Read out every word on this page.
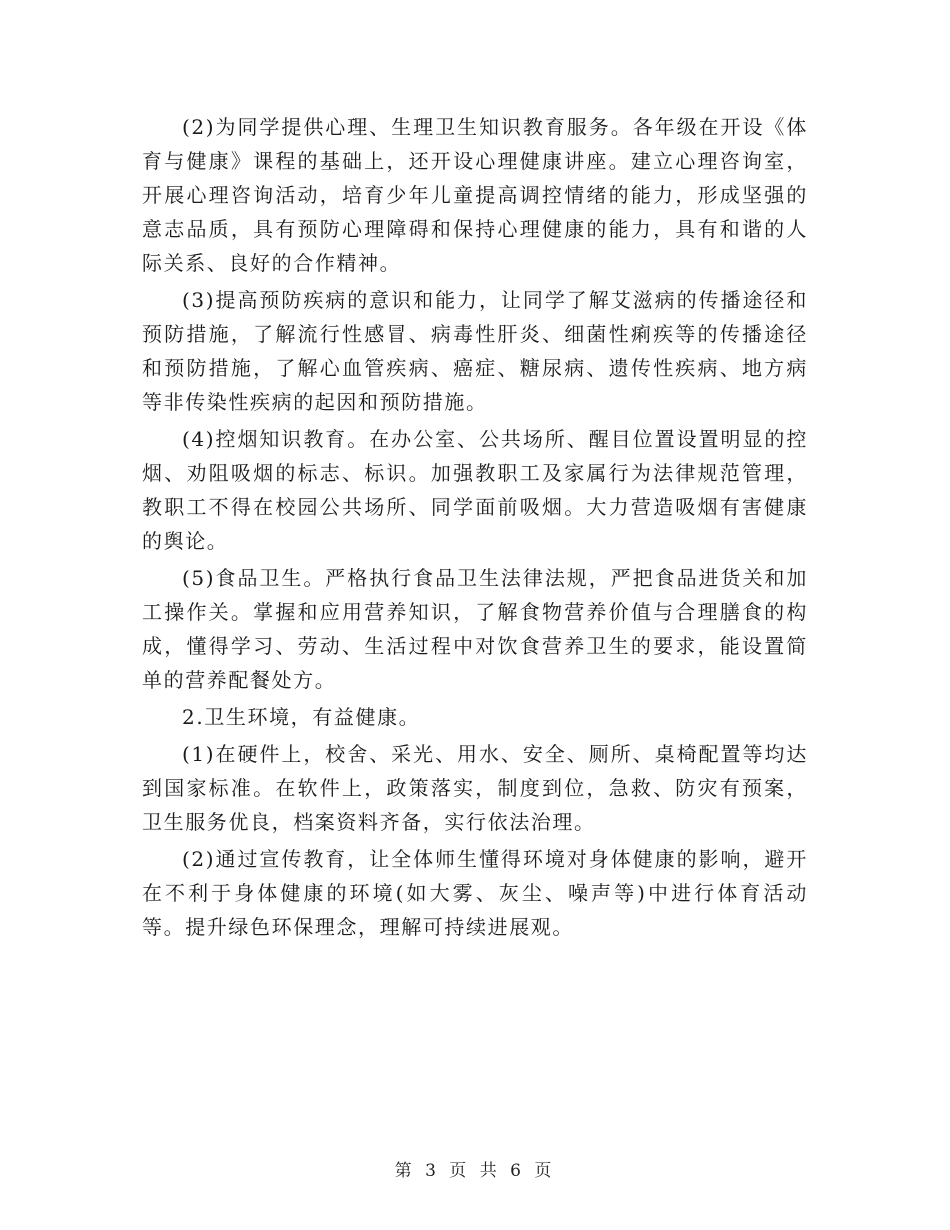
(2)为同学提供心理、生理卫生知识教育服务。各年级在开设《体育与健康》课程的基础上，还开设心理健康讲座。建立心理咨询室，开展心理咨询活动，培育少年儿童提高调控情绪的能力，形成坚强的意志品质，具有预防心理障碍和保持心理健康的能力，具有和谐的人际关系、良好的合作精神。

(3)提高预防疾病的意识和能力，让同学了解艾滋病的传播途径和预防措施，了解流行性感冒、病毒性肝炎、细菌性痢疾等的传播途径和预防措施，了解心血管疾病、癌症、糖尿病、遗传性疾病、地方病等非传染性疾病的起因和预防措施。

(4)控烟知识教育。在办公室、公共场所、醒目位置设置明显的控烟、劝阻吸烟的标志、标识。加强教职工及家属行为法律规范管理，教职工不得在校园公共场所、同学面前吸烟。大力营造吸烟有害健康的舆论。

(5)食品卫生。严格执行食品卫生法律法规，严把食品进货关和加工操作关。掌握和应用营养知识，了解食物营养价值与合理膳食的构成，懂得学习、劳动、生活过程中对饮食营养卫生的要求，能设置简单的营养配餐处方。

2.卫生环境，有益健康。

(1)在硬件上，校舍、采光、用水、安全、厕所、桌椅配置等均达到国家标准。在软件上，政策落实，制度到位，急救、防灾有预案，卫生服务优良，档案资料齐备，实行依法治理。

(2)通过宣传教育，让全体师生懂得环境对身体健康的影响，避开在不利于身体健康的环境(如大雾、灰尘、噪声等)中进行体育活动等。提升绿色环保理念，理解可持续进展观。

第 3 页 共 6 页
